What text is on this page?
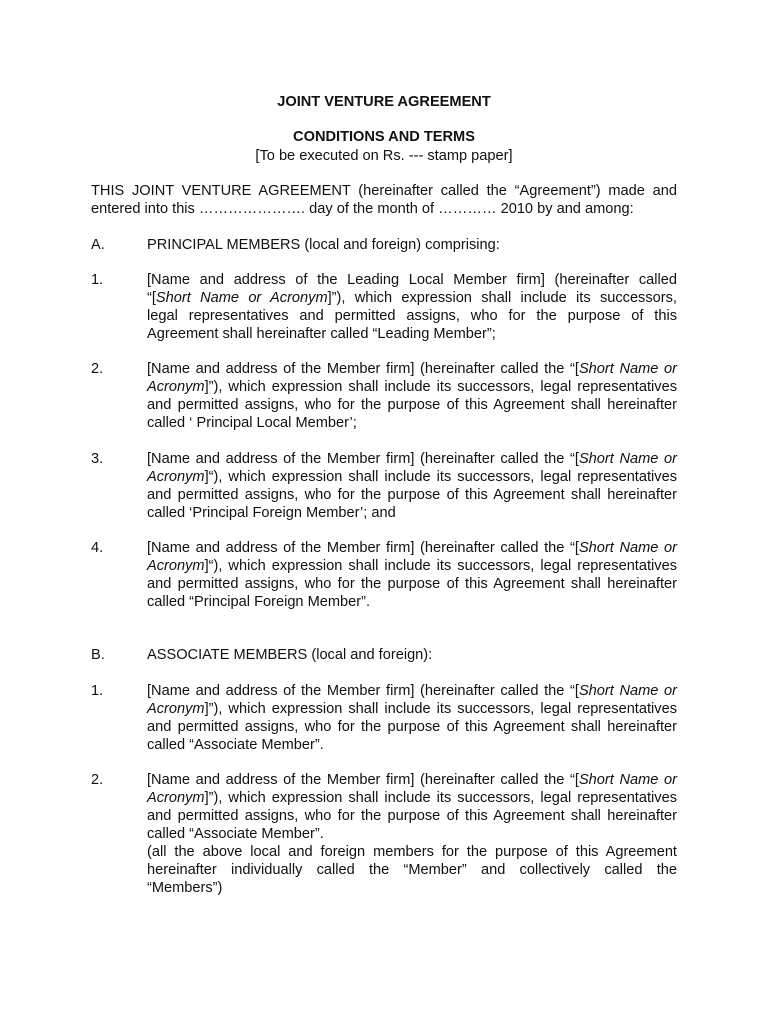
JOINT VENTURE AGREEMENT
CONDITIONS AND TERMS
[To be executed on Rs. --- stamp paper]
THIS JOINT VENTURE AGREEMENT (hereinafter called the “Agreement”) made and
entered into this …………………. day of the month of ………… 2010 by and among:
A.	PRINCIPAL MEMBERS (local and foreign) comprising:
1.	[Name and address of the Leading Local Member firm] (hereinafter called
“[Short Name or Acronym]”), which expression shall include its successors,
legal representatives and permitted assigns, who for the purpose of this
Agreement shall hereinafter called “Leading Member”;
2.	[Name and address of the Member firm] (hereinafter called the “[Short Name or
Acronym]”), which expression shall include its successors, legal representatives
and permitted assigns, who for the purpose of this Agreement shall hereinafter
called ‘ Principal Local Member’;
3.	[Name and address of the Member firm] (hereinafter called the “[Short Name or
Acronym]“), which expression shall include its successors, legal representatives
and permitted assigns, who for the purpose of this Agreement shall hereinafter
called ‘Principal Foreign Member’; and
4.	[Name and address of the Member firm] (hereinafter called the “[Short Name or
Acronym]“), which expression shall include its successors, legal representatives
and permitted assigns, who for the purpose of this Agreement shall hereinafter
called “Principal Foreign Member”.
B.	ASSOCIATE MEMBERS (local and foreign):
1.	[Name and address of the Member firm] (hereinafter called the “[Short Name or
Acronym]”), which expression shall include its successors, legal representatives
and permitted assigns, who for the purpose of this Agreement shall hereinafter
called “Associate Member”.
2.	[Name and address of the Member firm] (hereinafter called the “[Short Name or
Acronym]”), which expression shall include its successors, legal representatives
and permitted assigns, who for the purpose of this Agreement shall hereinafter
called “Associate Member”.
(all the above local and foreign members for the purpose of this Agreement
hereinafter individually called the “Member” and collectively called the
“Members”)
